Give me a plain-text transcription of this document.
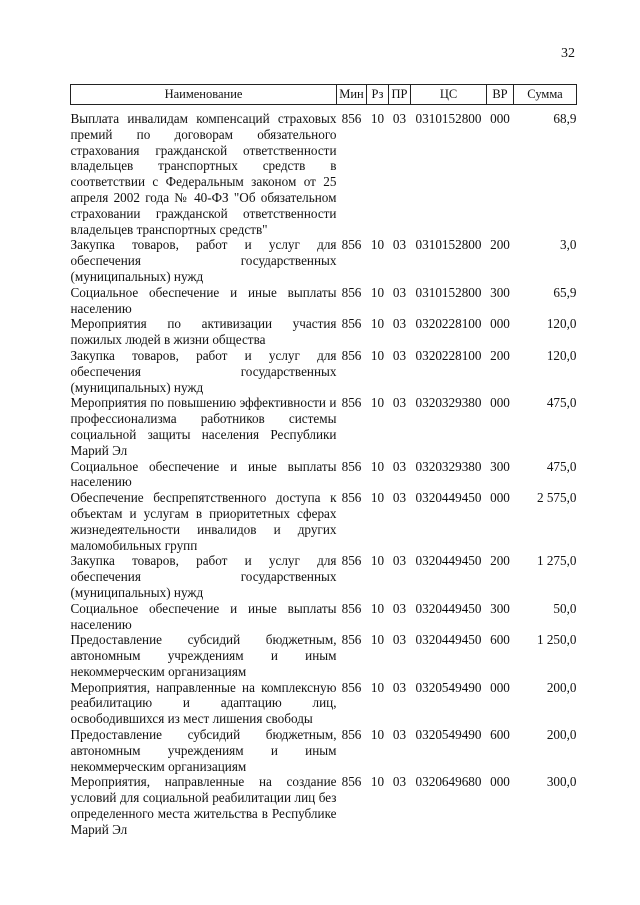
32
Наименование	Мин	Рз	ПР	ЦС	ВР	Сумма
Выплата инвалидам компенсаций страховых премий по договорам обязательного страхования гражданской ответственности владельцев транспортных средств в соответствии с Федеральным законом от 25 апреля 2002 года № 40-ФЗ "Об обязательном страховании гражданской ответственности владельцев транспортных средств"	856	10	03	0310152800	000	68,9
Закупка товаров, работ и услуг для обеспечения государственных (муниципальных) нужд	856	10	03	0310152800	200	3,0
Социальное обеспечение и иные выплаты населению	856	10	03	0310152800	300	65,9
Мероприятия по активизации участия пожилых людей в жизни общества	856	10	03	0320228100	000	120,0
Закупка товаров, работ и услуг для обеспечения государственных (муниципальных) нужд	856	10	03	0320228100	200	120,0
Мероприятия по повышению эффективности и профессионализма работников системы социальной защиты населения Республики Марий Эл	856	10	03	0320329380	000	475,0
Социальное обеспечение и иные выплаты населению	856	10	03	0320329380	300	475,0
Обеспечение беспрепятственного доступа к объектам и услугам в приоритетных сферах жизнедеятельности инвалидов и других маломобильных групп	856	10	03	0320449450	000	2 575,0
Закупка товаров, работ и услуг для обеспечения государственных (муниципальных) нужд	856	10	03	0320449450	200	1 275,0
Социальное обеспечение и иные выплаты населению	856	10	03	0320449450	300	50,0
Предоставление субсидий бюджетным, автономным учреждениям и иным некоммерческим организациям	856	10	03	0320449450	600	1 250,0
Мероприятия, направленные на комплексную реабилитацию и адаптацию лиц, освободившихся из мест лишения свободы	856	10	03	0320549490	000	200,0
Предоставление субсидий бюджетным, автономным учреждениям и иным некоммерческим организациям	856	10	03	0320549490	600	200,0
Мероприятия, направленные на создание условий для социальной реабилитации лиц без определенного места жительства в Республике Марий Эл	856	10	03	0320649680	000	300,0
